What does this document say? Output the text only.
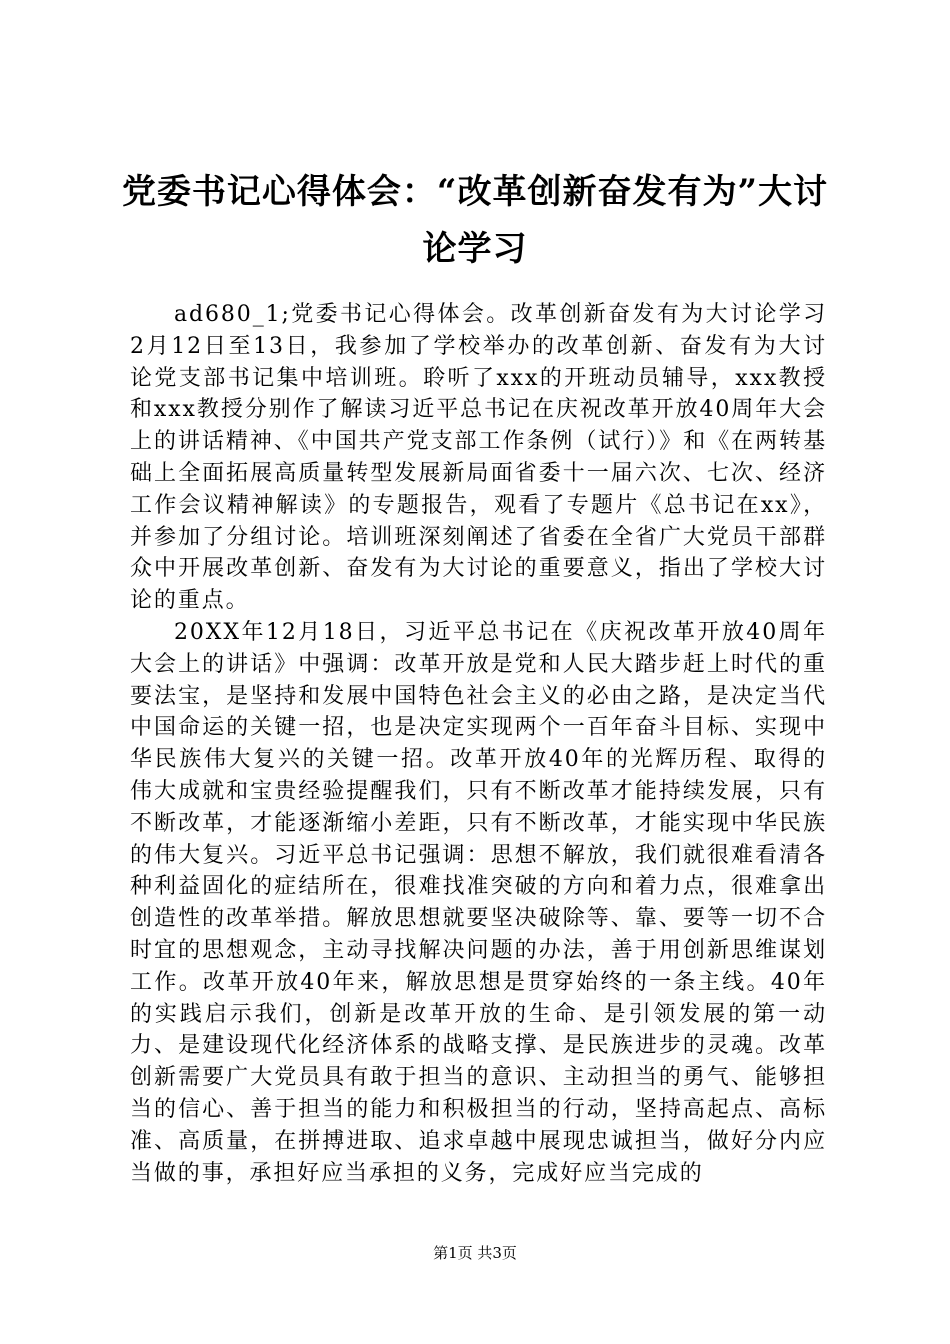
党委书记心得体会：“改革创新奋发有为”大讨论学习

ad680_1;党委书记心得体会。改革创新奋发有为大讨论学习2月12日至13日，我参加了学校举办的改革创新、奋发有为大讨论党支部书记集中培训班。聆听了xxx的开班动员辅导，xxx教授和xxx教授分别作了解读习近平总书记在庆祝改革开放40周年大会上的讲话精神、《中国共产党支部工作条例（试行）》和《在两转基础上全面拓展高质量转型发展新局面省委十一届六次、七次、经济工作会议精神解读》的专题报告，观看了专题片《总书记在xx》，并参加了分组讨论。培训班深刻阐述了省委在全省广大党员干部群众中开展改革创新、奋发有为大讨论的重要意义，指出了学校大讨论的重点。

20XX年12月18日，习近平总书记在《庆祝改革开放40周年大会上的讲话》中强调：改革开放是党和人民大踏步赶上时代的重要法宝，是坚持和发展中国特色社会主义的必由之路，是决定当代中国命运的关键一招，也是决定实现两个一百年奋斗目标、实现中华民族伟大复兴的关键一招。改革开放40年的光辉历程、取得的伟大成就和宝贵经验提醒我们，只有不断改革才能持续发展，只有不断改革，才能逐渐缩小差距，只有不断改革，才能实现中华民族的伟大复兴。习近平总书记强调：思想不解放，我们就很难看清各种利益固化的症结所在，很难找准突破的方向和着力点，很难拿出创造性的改革举措。解放思想就要坚决破除等、靠、要等一切不合时宜的思想观念，主动寻找解决问题的办法，善于用创新思维谋划工作。改革开放40年来，解放思想是贯穿始终的一条主线。40年的实践启示我们，创新是改革开放的生命、是引领发展的第一动力、是建设现代化经济体系的战略支撑、是民族进步的灵魂。改革创新需要广大党员具有敢于担当的意识、主动担当的勇气、能够担当的信心、善于担当的能力和积极担当的行动，坚持高起点、高标准、高质量，在拼搏进取、追求卓越中展现忠诚担当，做好分内应当做的事，承担好应当承担的义务，完成好应当完成的

第1页 共3页
